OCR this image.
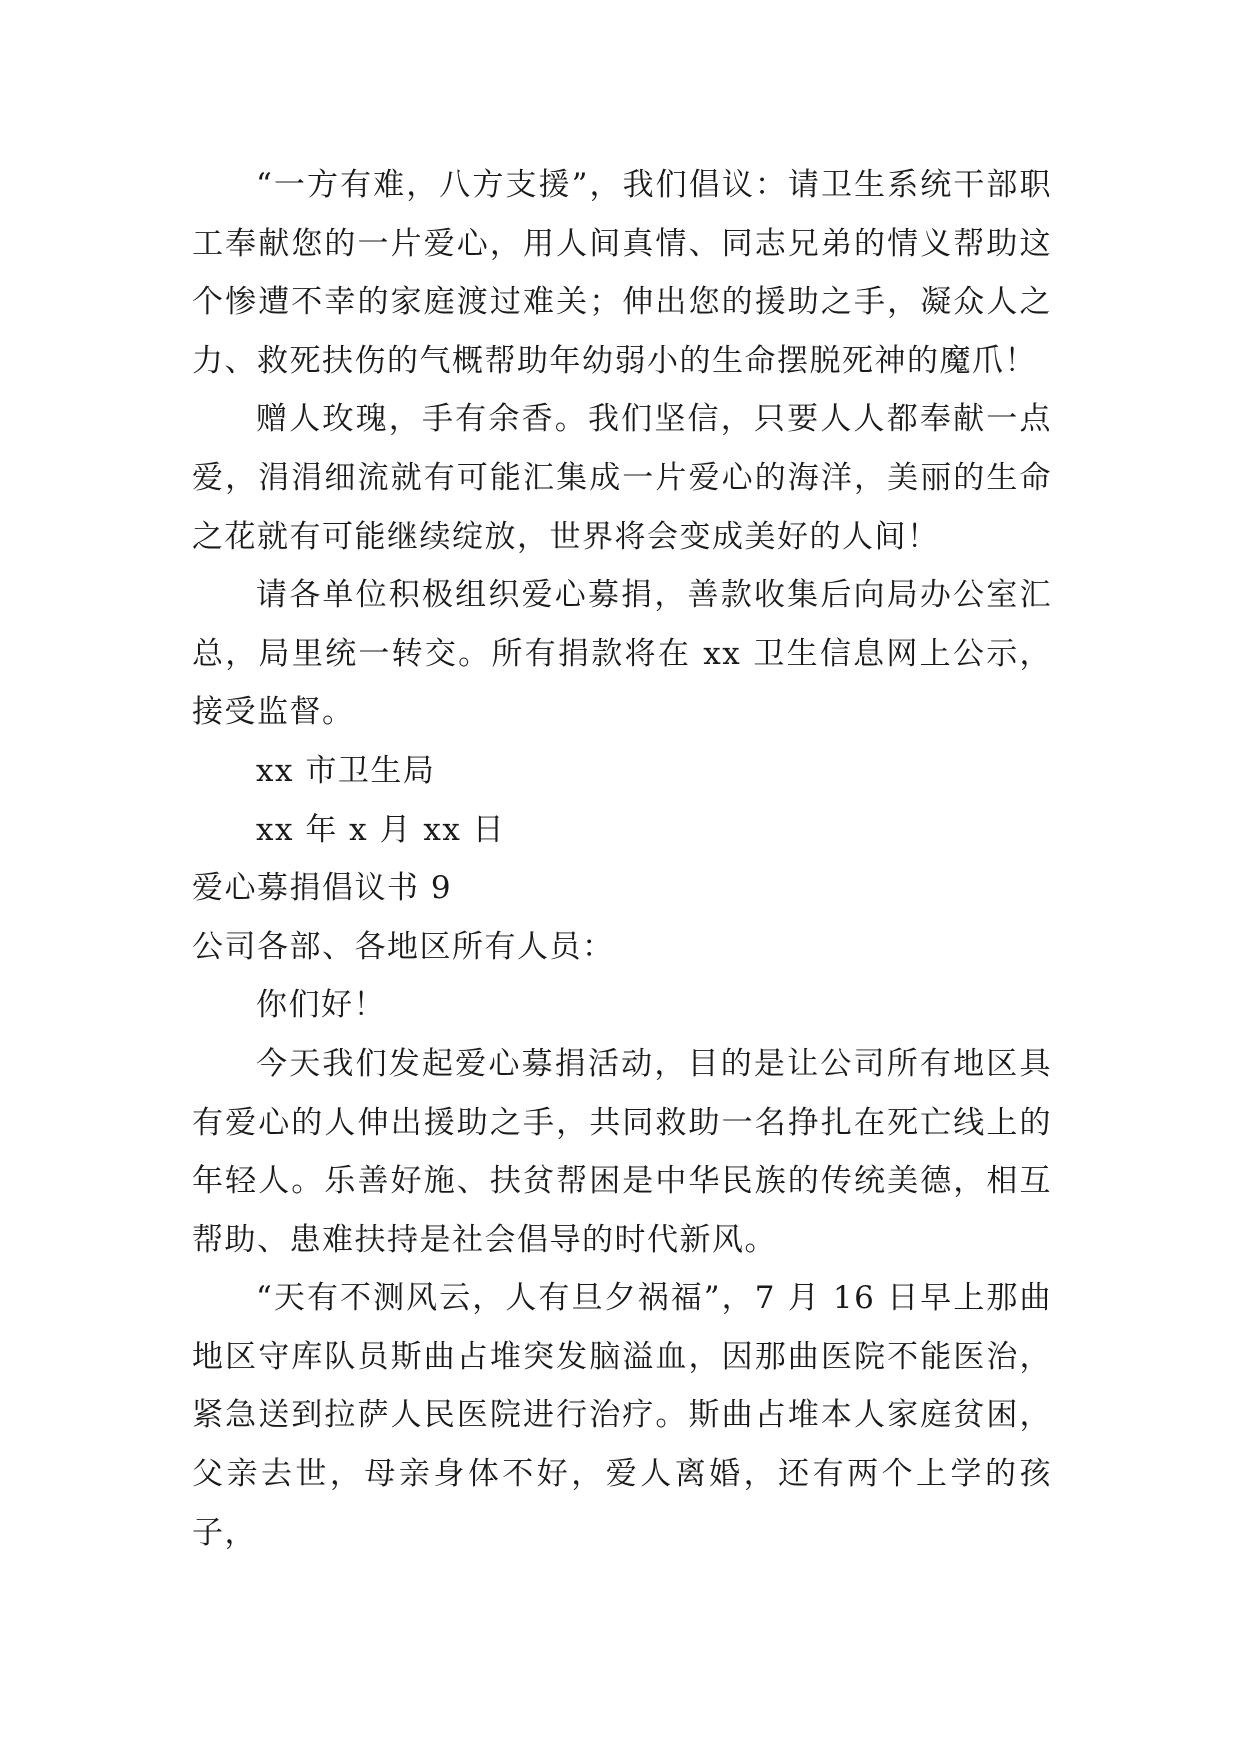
“一方有难，八方支援”，我们倡议：请卫生系统干部职工奉献您的一片爱心，用人间真情、同志兄弟的情义帮助这个惨遭不幸的家庭渡过难关；伸出您的援助之手，凝众人之力、救死扶伤的气概帮助年幼弱小的生命摆脱死神的魔爪！

赠人玫瑰，手有余香。我们坚信，只要人人都奉献一点爱，涓涓细流就有可能汇集成一片爱心的海洋，美丽的生命之花就有可能继续绽放，世界将会变成美好的人间！

请各单位积极组织爱心募捐，善款收集后向局办公室汇总，局里统一转交。所有捐款将在 xx 卫生信息网上公示，接受监督。

xx 市卫生局

xx 年 x 月 xx 日

爱心募捐倡议书 9

公司各部、各地区所有人员：

你们好！

今天我们发起爱心募捐活动，目的是让公司所有地区具有爱心的人伸出援助之手，共同救助一名挣扎在死亡线上的年轻人。乐善好施、扶贫帮困是中华民族的传统美德，相互帮助、患难扶持是社会倡导的时代新风。

“天有不测风云，人有旦夕祸福”，7 月 16 日早上那曲地区守库队员斯曲占堆突发脑溢血，因那曲医院不能医治，紧急送到拉萨人民医院进行治疗。斯曲占堆本人家庭贫困，父亲去世，母亲身体不好，爱人离婚，还有两个上学的孩子，
